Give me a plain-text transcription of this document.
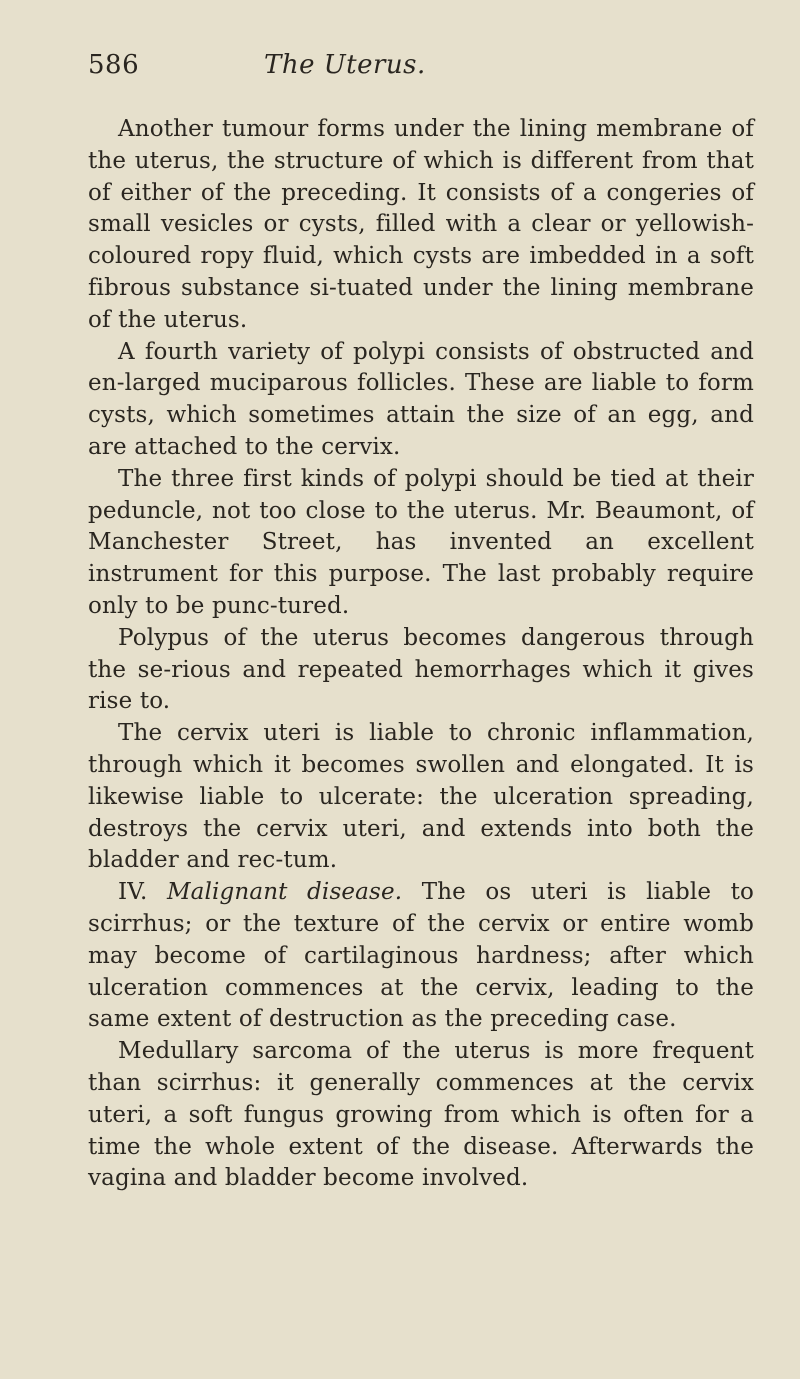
586	The Uterus.

Another tumour forms under the lining membrane of the uterus, the structure of which is different from that of either of the preceding. It consists of a congeries of small vesicles or cysts, filled with a clear or yellowish-coloured ropy fluid, which cysts are imbedded in a soft fibrous substance si-tuated under the lining membrane of the uterus.

A fourth variety of polypi consists of obstructed and en-larged muciparous follicles. These are liable to form cysts, which sometimes attain the size of an egg, and are attached to the cervix.

The three first kinds of polypi should be tied at their peduncle, not too close to the uterus. Mr. Beaumont, of Manchester Street, has invented an excellent instrument for this purpose. The last probably require only to be punc-tured.

Polypus of the uterus becomes dangerous through the se-rious and repeated hemorrhages which it gives rise to.

The cervix uteri is liable to chronic inflammation, through which it becomes swollen and elongated. It is likewise liable to ulcerate: the ulceration spreading, destroys the cervix uteri, and extends into both the bladder and rec-tum.

IV. Malignant disease. The os uteri is liable to scirrhus; or the texture of the cervix or entire womb may become of cartilaginous hardness; after which ulceration commences at the cervix, leading to the same extent of destruction as the preceding case.

Medullary sarcoma of the uterus is more frequent than scirrhus: it generally commences at the cervix uteri, a soft fungus growing from which is often for a time the whole extent of the disease. Afterwards the vagina and bladder become involved.
